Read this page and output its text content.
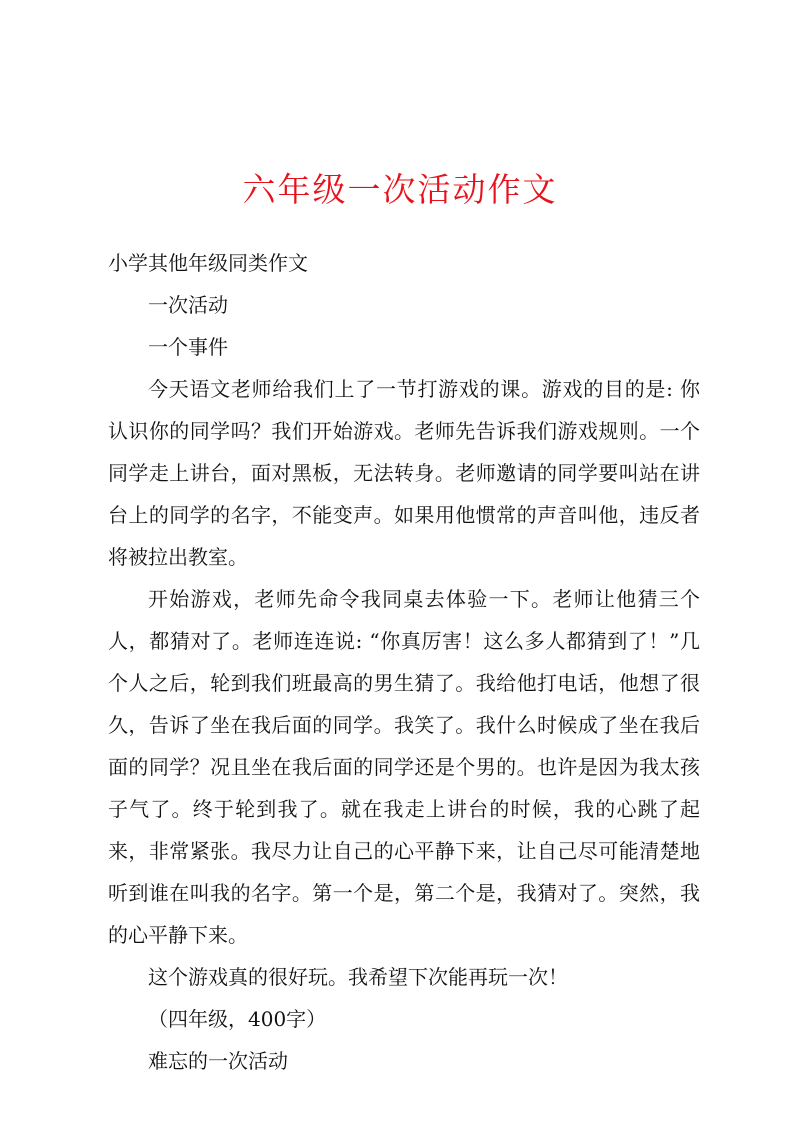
六年级一次活动作文

小学其他年级同类作文

一次活动

一个事件

今天语文老师给我们上了一节打游戏的课。游戏的目的是: 你认识你的同学吗？我们开始游戏。老师先告诉我们游戏规则。一个同学走上讲台，面对黑板，无法转身。老师邀请的同学要叫站在讲台上的同学的名字，不能变声。如果用他惯常的声音叫他，违反者将被拉出教室。

开始游戏，老师先命令我同桌去体验一下。老师让他猜三个人，都猜对了。老师连连说: “你真厉害！这么多人都猜到了！”几个人之后，轮到我们班最高的男生猜了。我给他打电话，他想了很久，告诉了坐在我后面的同学。我笑了。我什么时候成了坐在我后面的同学？况且坐在我后面的同学还是个男的。也许是因为我太孩子气了。终于轮到我了。就在我走上讲台的时候，我的心跳了起来，非常紧张。我尽力让自己的心平静下来，让自己尽可能清楚地听到谁在叫我的名字。第一个是，第二个是，我猜对了。突然，我的心平静下来。

这个游戏真的很好玩。我希望下次能再玩一次！

（四年级，400字）

难忘的一次活动
